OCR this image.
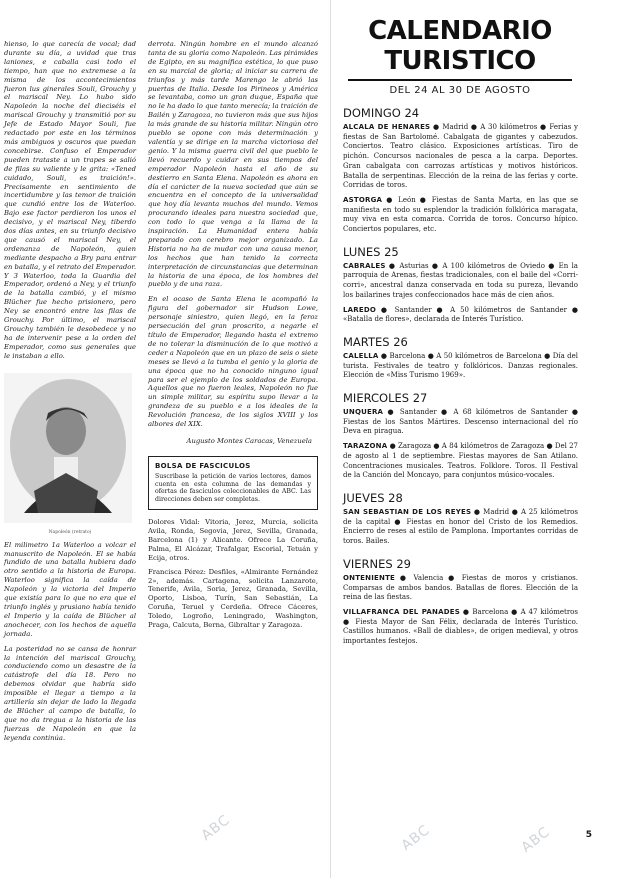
hienso, lo que carecía de vocal; dad durante su día, a uvidad que tras laniones, e caballa casi todo el tiempo, han que no extremese a la misma de los accontecimientos fueron lus ginerales Souli, Grouchy y el mariscal Ney. Lo hubo sido Napoleón la noche del dieciséis el mariscal Grouchy y transmitió por su Jefe de Estado Mayor Souli, fue redactado por este en los términos más ambiguos y oscuros que puedan concebirse. Confuso el Emperador pueden trataste a un trapes se salió de filas su valiente y le grita: «Tened cuidado, Souli, es traición!». Precisamente en sentimiento de incertidumbre y las temor de traición que cundió entre los de Waterloo. Bajo ese factor perdieron los unos el decisivo, y el mariscal Ney, tiberdo dos días antes, en su triunfo decisivo que causó el mariscal Ney, el ordenanza de Napoleón, quien mediante despacho a Bry para entrar en batalla, y el retrato del Emperador. Y 3 Waterloo, toda la Guardia del Emperador, ordenó a Ney, y el triunfo de la batalla cambió, y el mismo Blücher fue hecho prisionero, pero Ney se encontró entre las filas de Grouchy. Por último, el mariscal Grouchy también le desobedece y no ha de intervenir pese a la orden del Emperador, como sus generales que le instaban a ello.

Napoleón (retrato)

El milimetro 1a Waterloo a volcar el manuscrito de Napoleón. El se había fundido de una batalla hubiera dado otro sentido a la historia de Europa. Waterloo significa la caída de Napoleón y la victoria del Imperio que existía para lo que no era que el triunfo inglés y prusiano había tenido el Imperio y la caída de Blücher al anochecer, con los hechos de aquella jornada.

La posteridad no se cansa de honrar la intención del mariscal Grouchy, conduciendo como un desastre de la catástrofe del día 18. Pero no debemos olvidar que habría sido imposible el llegar a tiempo a la artillería sin dejar de lado la llegada de Blücher al campo de batalla, lo que no da tregua a la historia de las fuerzas de Napoleón en que la leyenda continúa.

derrota. Ningún hombre en el mundo alcanzó tanta de su gloria como Napoleón. Las pirámides de Egipto, en su magnífica estética, lo que puso en su marcial de gloria; al iniciar su carrera de triunfos y más tarde Marengo le abrió las puertas de Italia. Desde los Pirineos y América se levantaba, como un gran duque, España que no le ha dado lo que tanto merecía; la traición de Bailén y Zaragoza, no tuvieron más que sus hijos la más grande de su historia militar. Ningún otro pueblo se opone con más determinación y valentía y se dirige en la marcha victoriosa del genio. Y la misma guerra civil del que pueblo le llevó recuerdo y cuidar en sus tiempos del emperador Napoleón hasta el año de su destierro en Santa Elena. Napoleón es ahora en día el carácter de la nueva sociedad que aún se encuentra en el concepto de la universalidad que hoy día levanta muchos del mundo. Vemos procurando ideales para nuestra sociedad que, con todo lo que venga a la llama de la inspiración. La Humanidad entera había preparado con cerebro mejor organizado. La Historia no ha de mudar con una causa menor, los hechos que han tenido la correcta interpretación de circunstancias que determinan la historia de una época, de los hombres del pueblo y de una raza.

En el ocaso de Santa Elena le acompañó la figura del gobernador sir Hudson Lowe, personaje siniestro, quien llegó, en la feroz persecución del gran proscrito, a negarle el título de Emperador, llegando hasta el extremo de no tolerar la disminución de lo que motivó a ceder a Napoleón que en un plazo de seis o siete meses se llevó a la tumba el genio y la gloria de una época que no ha conocido ninguno igual para ser el ejemplo de los soldados de Europa. Aquellos que no fueron leales, Napoleón no fue un simple militar, su espíritu supo llevar a la grandeza de su pueblo e a los ideales de la Revolución francesa, de los siglos XVIII y los albores del XIX.

Augusto Montes Caracas, Venezuela
BOLSA DE FASCICULOS
Suscribase la petición de varios lectores, damos cuenta en esta columna de las demandas y ofertas de fascículos coleccionables de ABC. Las direcciones deben ser completas.

Dolores Vidal: Vitoria, Jerez, Murcia, solicita Avila, Ronda, Segovia, Jerez, Sevilla, Granada, Barcelona (1) y Alicante. Ofrece La Coruña, Palma, El Alcázar, Trafalgar, Escorial, Tetuán y Ecija, otros.

Francisca Pérez: Desfiles, «Almirante Fernández 2», además. Cartagena, solicita Lanzarote, Tenerife, Avila, Soria, Jerez, Granada, Sevilla, Oporto, Lisboa, Turín, San Sebastián, La Coruña, Teruel y Cerdeña. Ofrece Cáceres, Toledo, Logroño, Leningrado, Washington, Praga, Calcuta, Berna, Gibraltar y Zaragoza.

CALENDARIO TURISTICO
DEL 24 AL 30 DE AGOSTO
DOMINGO 24

ALCALA DE HENARES ● Madrid ● A 30 kilómetros ● Ferias y fiestas de San Bartolomé. Cabalgata de gigantes y cabezudos. Conciertos. Teatro clásico. Exposiciones artísticas. Tiro de pichón. Concursos nacionales de pesca a la carpa. Deportes. Gran cabalgata con carrozas artísticas y motivos históricos. Batalla de serpentinas. Elección de la reina de las ferias y corte. Corridas de toros.

ASTORGA ● León ● Fiestas de Santa Marta, en las que se manifiesta en todo su esplendor la tradición folklórica maragata, muy viva en esta comarca. Corrida de toros. Concurso hípico. Conciertos populares, etc.

LUNES 25

CABRALES ● Asturias ● A 100 kilómetros de Oviedo ● En la parroquia de Arenas, fiestas tradicionales, con el baile del «Corri-corri», ancestral danza conservada en toda su pureza, llevando los bailarines trajes confeccionados hace más de cien años.

LAREDO ● Santander ● A 50 kilómetros de Santander ● «Batalla de flores», declarada de Interés Turístico.

MARTES 26

CALELLA ● Barcelona ● A 50 kilómetros de Barcelona ● Día del turista. Festivales de teatro y folklóricos. Danzas regionales. Elección de «Miss Turismo 1969».

MIERCOLES 27

UNQUERA ● Santander ● A 68 kilómetros de Santander ● Fiestas de los Santos Mártires. Descenso internacional del río Deva en piragua.

TARAZONA ● Zaragoza ● A 84 kilómetros de Zaragoza ● Del 27 de agosto al 1 de septiembre. Fiestas mayores de San Atilano. Concentraciones musicales. Teatros. Folklore. Toros. II Festival de la Canción del Moncayo, para conjuntos músico-vocales.

JUEVES 28

SAN SEBASTIAN DE LOS REYES ● Madrid ● A 25 kilómetros de la capital ● Fiestas en honor del Cristo de los Remedios. Encierro de reses al estilo de Pamplona. Importantes corridas de toros. Bailes.

VIERNES 29

ONTENIENTE ● Valencia ● Fiestas de moros y cristianos. Comparsas de ambos bandos. Batallas de flores. Elección de la reina de las fiestas.

VILLAFRANCA DEL PANADES ● Barcelona ● A 47 kilómetros ● Fiesta Mayor de San Félix, declarada de Interés Turístico. Castillos humanos. «Ball de diables», de origen medieval, y otros importantes festejos.

ABC	ABC	ABC	5
